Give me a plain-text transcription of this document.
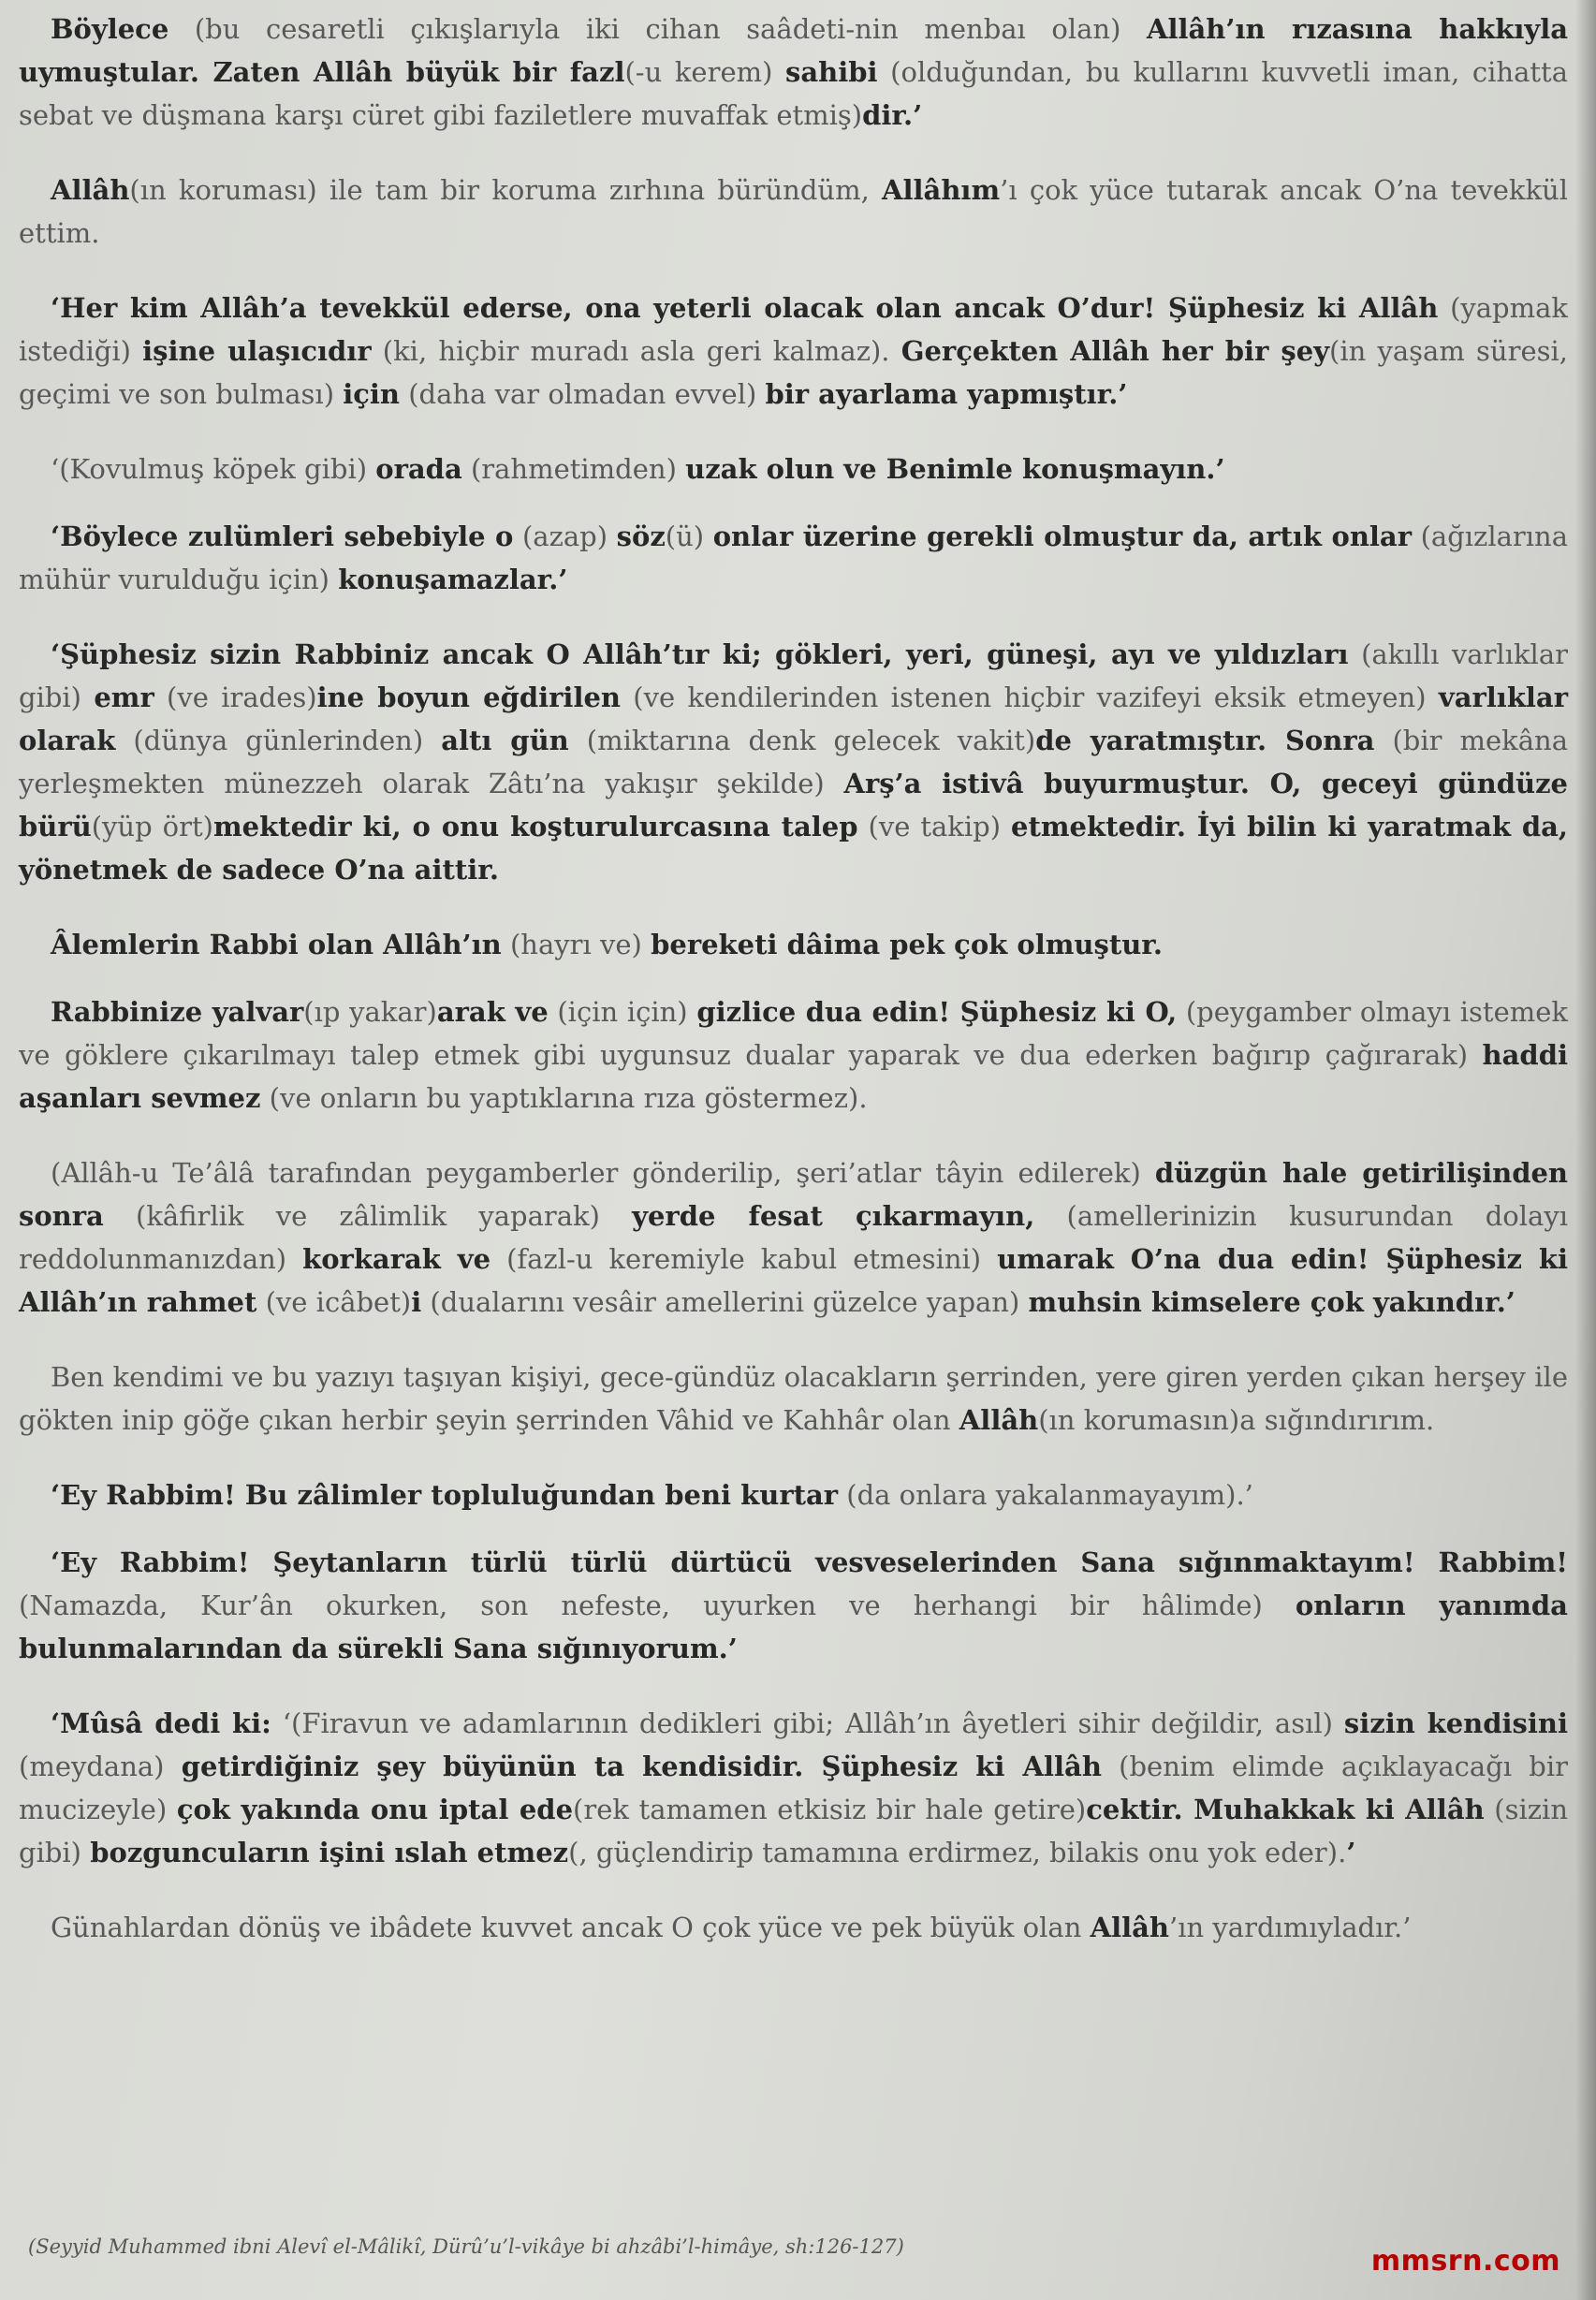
Böylece (bu cesaretli çıkışlarıyla iki cihan saâdeti-nin menbaı olan) Allâh’ın rızasına hakkıyla uymuştular. Zaten Allâh büyük bir fazl(-u kerem) sahibi (olduğundan, bu kullarını kuvvetli iman, cihatta sebat ve düşmana karşı cüret gibi faziletlere muvaffak etmiş)dir.’

Allâh(ın koruması) ile tam bir koruma zırhına büründüm, Allâhım’ı çok yüce tutarak ancak O’na tevekkül ettim.

‘Her kim Allâh’a tevekkül ederse, ona yeterli olacak olan ancak O’dur! Şüphesiz ki Allâh (yapmak istediği) işine ulaşıcıdır (ki, hiçbir muradı asla geri kalmaz). Gerçekten Allâh her bir şey(in yaşam süresi, geçimi ve son bulması) için (daha var olmadan evvel) bir ayarlama yapmıştır.’

‘(Kovulmuş köpek gibi) orada (rahmetimden) uzak olun ve Benimle konuşmayın.’

‘Böylece zulümleri sebebiyle o (azap) söz(ü) onlar üzerine gerekli olmuştur da, artık onlar (ağızlarına mühür vurulduğu için) konuşamazlar.’

‘Şüphesiz sizin Rabbiniz ancak O Allâh’tır ki; gökleri, yeri, güneşi, ayı ve yıldızları (akıllı varlıklar gibi) emr (ve irades)ine boyun eğdirilen (ve kendilerinden istenen hiçbir vazifeyi eksik etmeyen) varlıklar olarak (dünya günlerinden) altı gün (miktarına denk gelecek vakit)de yaratmıştır. Sonra (bir mekâna yerleşmekten münezzeh olarak Zâtı’na yakışır şekilde) Arş’a istivâ buyurmuştur. O, geceyi gündüze bürü(yüp ört)mektedir ki, o onu koşturulurcasına talep (ve takip) etmektedir. İyi bilin ki yaratmak da, yönetmek de sadece O’na aittir.

Âlemlerin Rabbi olan Allâh’ın (hayrı ve) bereketi dâima pek çok olmuştur.

Rabbinize yalvar(ıp yakar)arak ve (için için) gizlice dua edin! Şüphesiz ki O, (peygamber olmayı istemek ve göklere çıkarılmayı talep etmek gibi uygunsuz dualar yaparak ve dua ederken bağırıp çağırarak) haddi aşanları sevmez (ve onların bu yaptıklarına rıza göstermez).

(Allâh-u Te’âlâ tarafından peygamberler gönderilip, şeri’atlar tâyin edilerek) düzgün hale getirilişinden sonra (kâfirlik ve zâlimlik yaparak) yerde fesat çıkarmayın, (amellerinizin kusurundan dolayı reddolunmanızdan) korkarak ve (fazl-u keremiyle kabul etmesini) umarak O’na dua edin! Şüphesiz ki Allâh’ın rahmet (ve icâbet)i (dualarını vesâir amellerini güzelce yapan) muhsin kimselere çok yakındır.’

Ben kendimi ve bu yazıyı taşıyan kişiyi, gece-gündüz olacakların şerrinden, yere giren yerden çıkan herşey ile gökten inip göğe çıkan herbir şeyin şerrinden Vâhid ve Kahhâr olan Allâh(ın korumasın)a sığındırırım.

‘Ey Rabbim! Bu zâlimler topluluğundan beni kurtar (da onlara yakalanmayayım).’

‘Ey Rabbim! Şeytanların türlü türlü dürtücü vesveselerinden Sana sığınmaktayım! Rabbim! (Namazda, Kur’ân okurken, son nefeste, uyurken ve herhangi bir hâlimde) onların yanımda bulunmalarından da sürekli Sana sığınıyorum.’

‘Mûsâ dedi ki: ‘(Firavun ve adamlarının dedikleri gibi; Allâh’ın âyetleri sihir değildir, asıl) sizin kendisini (meydana) getirdiğiniz şey büyünün ta kendisidir. Şüphesiz ki Allâh (benim elimde açıklayacağı bir mucizeyle) çok yakında onu iptal ede(rek tamamen etkisiz bir hale getire)cektir. Muhakkak ki Allâh (sizin gibi) bozguncuların işini ıslah etmez(, güçlendirip tamamına erdirmez, bilakis onu yok eder).’

Günahlardan dönüş ve ibâdete kuvvet ancak O çok yüce ve pek büyük olan Allâh’ın yardımıyladır.’

(Seyyid Muhammed ibni Alevî el-Mâlikî, Dürû’u’l-vikâye bi ahzâbi’l-himâye, sh:126-127)	mmsrn.com
